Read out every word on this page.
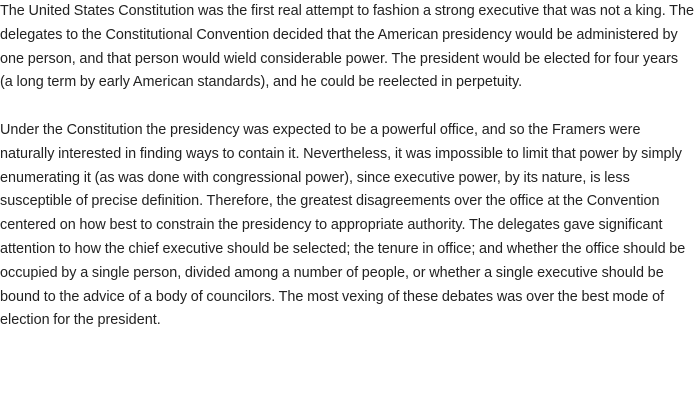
The United States Constitution was the first real attempt to fashion a strong executive that was not a king. The delegates to the Constitutional Convention decided that the American presidency would be administered by one person, and that person would wield considerable power. The president would be elected for four years (a long term by early American standards), and he could be reelected in perpetuity.

Under the Constitution the presidency was expected to be a powerful office, and so the Framers were naturally interested in finding ways to contain it. Nevertheless, it was impossible to limit that power by simply enumerating it (as was done with congressional power), since executive power, by its nature, is less susceptible of precise definition. Therefore, the greatest disagreements over the office at the Convention centered on how best to constrain the presidency to appropriate authority. The delegates gave significant attention to how the chief executive should be selected; the tenure in office; and whether the office should be occupied by a single person, divided among a number of people, or whether a single executive should be bound to the advice of a body of councilors. The most vexing of these debates was over the best mode of election for the president.
